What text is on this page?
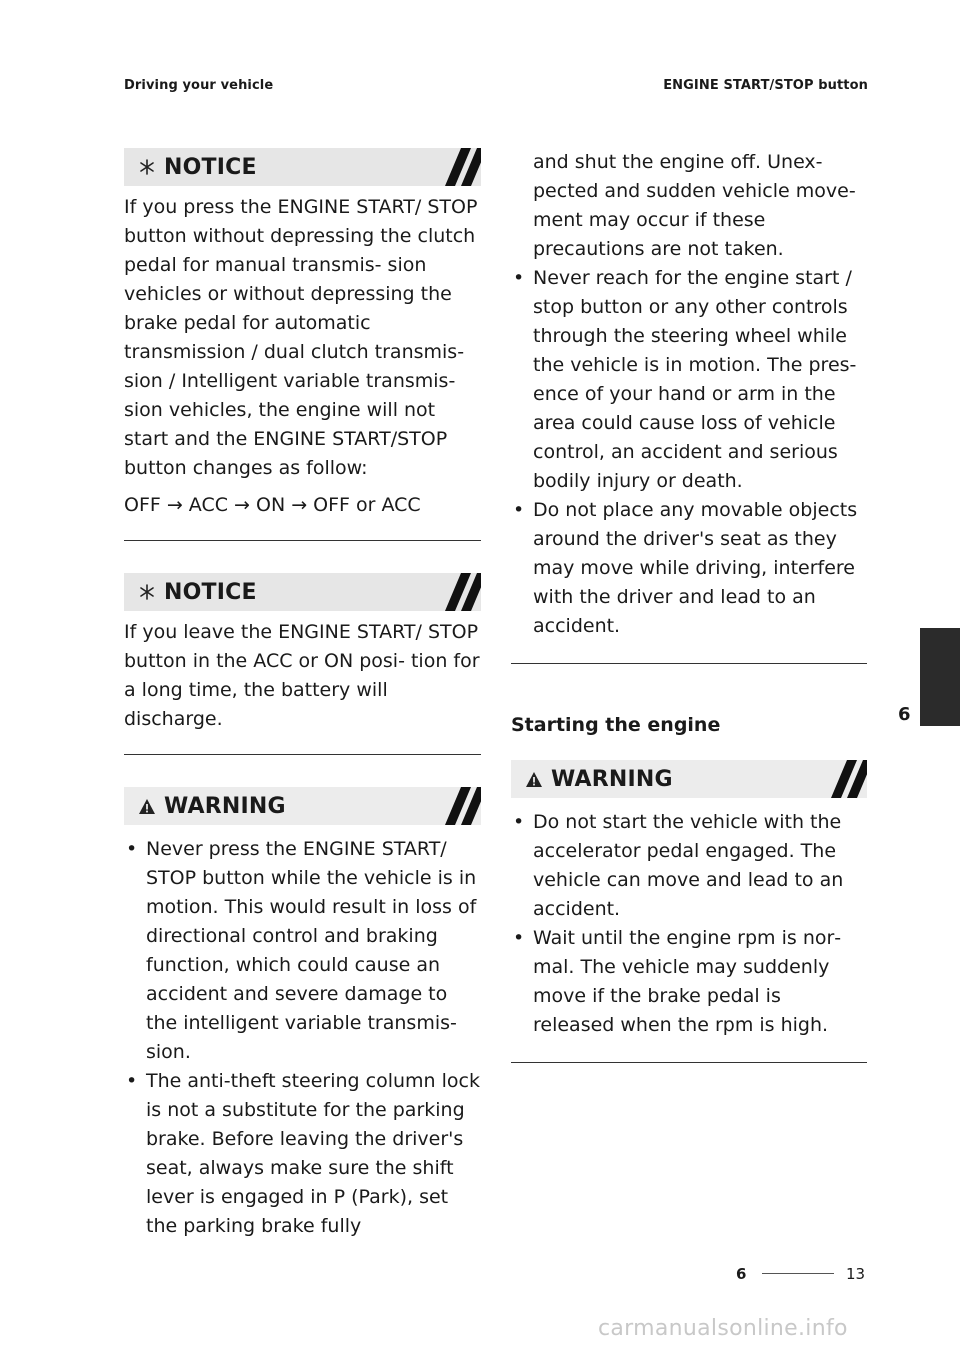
Driving your vehicle	ENGINE START/STOP button
NOTICE

If you press the ENGINE START/ STOP button without depressing the clutch pedal for manual transmis‑ sion vehicles or without depressing the brake pedal for automatic transmission / dual clutch transmis‑ sion / Intelligent variable transmis‑ sion vehicles, the engine will not start and the ENGINE START/STOP button changes as follow:

OFF → ACC → ON → OFF or ACC

NOTICE

If you leave the ENGINE START/ STOP button in the ACC or ON posi‑ tion for a long time, the battery will discharge.

WARNING
• Never press the ENGINE START/ STOP button while the vehicle is in motion. This would result in loss of directional control and braking function, which could cause an accident and severe damage to the intelligent variable transmis‑ sion.
• The anti-theft steering column lock is not a substitute for the parking brake. Before leaving the driver's seat, always make sure the shift lever is engaged in P (Park), set the parking brake fully

and shut the engine off. Unex‑ pected and sudden vehicle move‑ ment may occur if these precautions are not taken.

• Never reach for the engine start / stop button or any other controls through the steering wheel while the vehicle is in motion. The pres‑ ence of your hand or arm in the area could cause loss of vehicle control, an accident and serious bodily injury or death.
• Do not place any movable objects around the driver's seat as they may move while driving, interfere with the driver and lead to an accident.
Starting the engine
WARNING
• Do not start the vehicle with the accelerator pedal engaged. The vehicle can move and lead to an accident.
• Wait until the engine rpm is nor‑ mal. The vehicle may suddenly move if the brake pedal is released when the rpm is high.
6
6	13
carmanualsonline.info
